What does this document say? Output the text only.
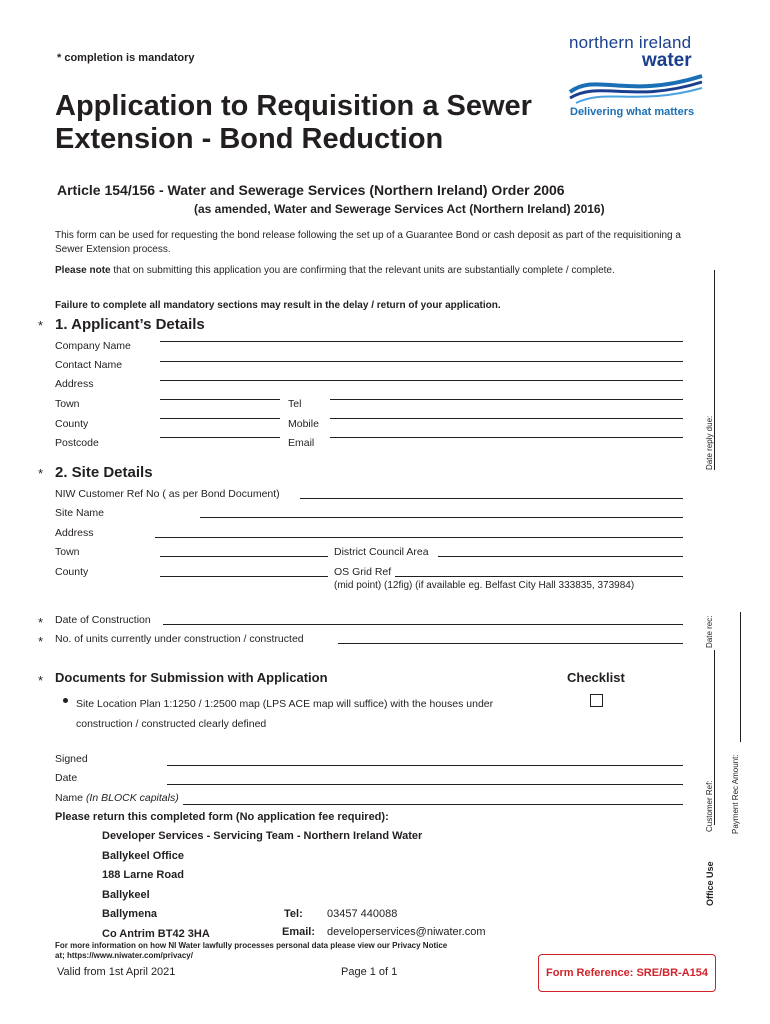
* completion is mandatory
Application to Requisition a Sewer Extension - Bond Reduction
northern ireland
water
Delivering what matters
Article 154/156 - Water and Sewerage Services (Northern Ireland) Order 2006
(as amended, Water and Sewerage Services Act (Northern Ireland) 2016)
This form can be used for requesting the bond release following the set up of a Guarantee Bond or cash deposit as part of the requisitioning a Sewer Extension process.
Please note that on submitting this application you are confirming that the relevant units are substantially complete / complete.
Failure to complete all mandatory sections may result in the delay / return of your application.
* 1. Applicant’s Details
Company Name
Contact Name
Address
Town	Tel
County	Mobile
Postcode	Email
* 2. Site Details
NIW Customer Ref No ( as per Bond Document)
Site Name
Address
Town	District Council Area
County	OS Grid Ref
(mid point) (12fig) (if available eg. Belfast City Hall 333835, 373984)
* Date of Construction
* No. of units currently under construction / constructed
* Documents for Submission with Application	Checklist
Site Location Plan 1:1250 / 1:2500 map (LPS ACE map will suffice) with the houses under construction / constructed clearly defined
Signed
Date
Name (In BLOCK capitals)
Please return this completed form (No application fee required):
Developer Services - Servicing Team - Northern Ireland Water
Ballykeel Office
188 Larne Road
Ballykeel
Ballymena
Co Antrim BT42 3HA
Tel: 03457 440088
Email: developerservices@niwater.com
For more information on how NI Water lawfully processes personal data please view our Privacy Notice
at; https://www.niwater.com/privacy/
Valid from 1st April 2021	Page 1 of 1	Form Reference: SRE/BR-A154
Date reply due:
Date rec:
Customer Ref: Payment Rec Amount:
Office Use
